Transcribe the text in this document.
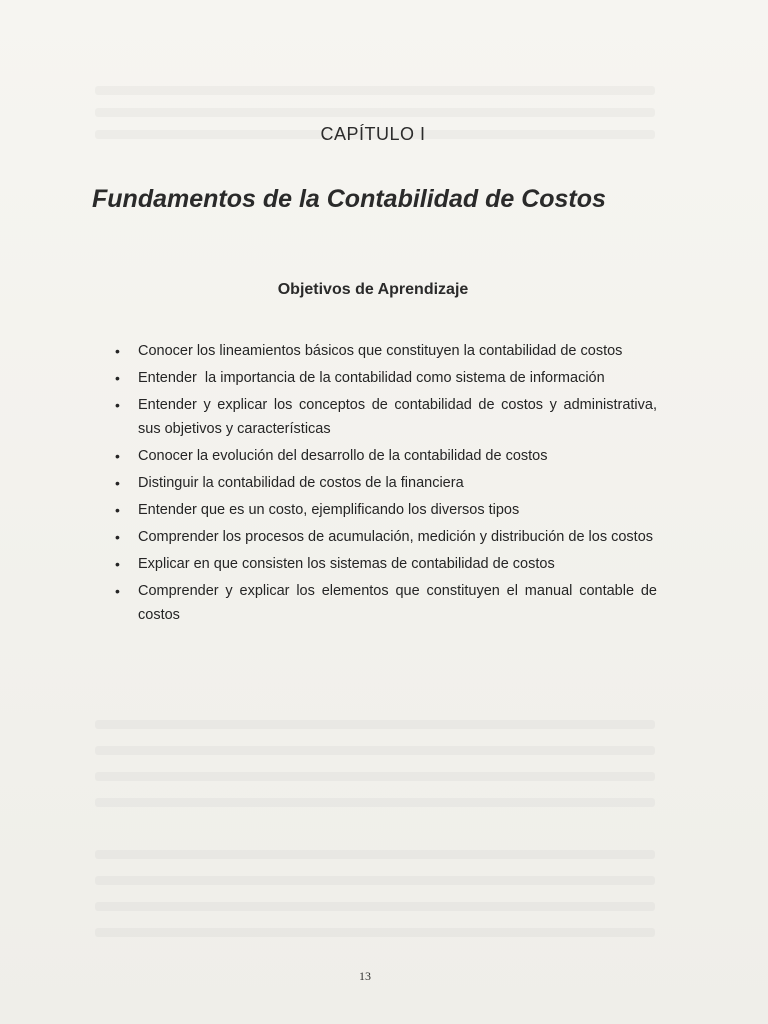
CAPÍTULO I
Fundamentos de la Contabilidad de Costos
Objetivos de Aprendizaje
• Conocer los lineamientos básicos que constituyen la contabilidad de costos
• Entender  la importancia de la contabilidad como sistema de información
• Entender y explicar los conceptos de contabilidad de costos y administrativa, sus objetivos y características
• Conocer la evolución del desarrollo de la contabilidad de costos
• Distinguir la contabilidad de costos de la financiera
• Entender que es un costo, ejemplificando los diversos tipos
• Comprender los procesos de acumulación, medición y distribución de los costos
• Explicar en que consisten los sistemas de contabilidad de costos
• Comprender y explicar los elementos que constituyen el manual contable de costos
13
